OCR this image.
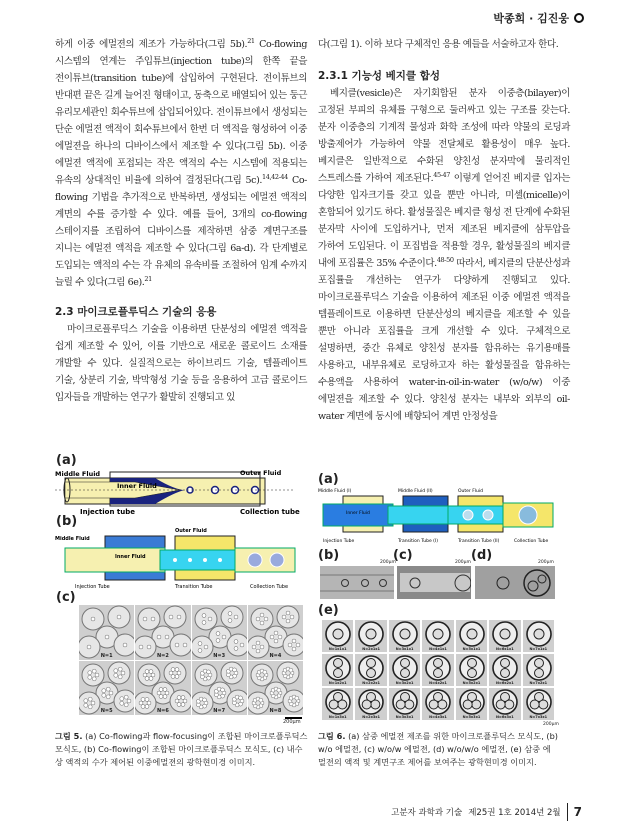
박종희 · 김진웅

하게 이중 에멀젼의 제조가 가능하다(그림 5b).$^{21}$ Co-flowing 시스템의 연계는 주입튜브(injection tube)의 한쪽 끝을 전이튜브(transition tube)에 삽입하여 구현된다. 전이튜브의 반대편 끝은 길게 늘어진 형태이고, 동축으로 배열되어 있는 둥근 유리모세관인 회수튜브에 삽입되어있다. 전이튜브에서 생성되는 단순 에멀젼 액적이 회수튜브에서 한번 더 액적을 형성하여 이중 에멀젼을 하나의 디바이스에서 제조할 수 있다(그림 5b). 이중 에멀젼 액적에 포접되는 작은 액적의 수는 시스템에 적용되는 유속의 상대적인 비율에 의하여 결정된다(그림 5c).$^{14,42-44}$ Co-flowing 기법을 추가적으로 반복하면, 생성되는 에멀젼 액적의 계면의 수를 증가할 수 있다. 예를 들어, 3개의 co-flowing 스테이지를 조립하여 디바이스를 제작하면 삼중 계면구조를 지니는 에멀젼 액적을 제조할 수 있다(그림 6a-d). 각 단계별로 도입되는 액적의 수는 각 유체의 유속비를 조절하여 임계 수까지 늘릴 수 있다(그림 6e).$^{21}$

2.3 마이크로플루딕스 기술의 응용

마이크로플루딕스 기술을 이용하면 단분성의 에멀젼 액적을 쉽게 제조할 수 있어, 이를 기반으로 새로운 콜로이드 소재를 개발할 수 있다. 실질적으로는 하이브리드 기술, 템플레이트 기술, 상분리 기술, 박막형성 기술 등을 응용하여 고급 콜로이드 입자들을 개발하는 연구가 활발히 진행되고 있

(a)
Middle Fluid	Outer Fluid
Inner Fluid
Injection tube	Collection tube
(b)
Middle Fluid
Outer Fluid
Inner Fluid
Injection Tube	Transition Tube	Collection Tube
(c)
N=1	N=2	N=3	N=4
N=5	N=6	N=7	N=8
200μm
그림 5. (a) Co-flowing과 flow-focusing이 조합된 마이크로플루딕스 모식도, (b) Co-flowing이 조합된 마이크로플루딕스 모식도, (c) 내수상 액적의 수가 제어된 이중에멀젼의 광학현미경 이미지.

다(그림 1). 이하 보다 구체적인 응용 예들을 서술하고자 한다.

2.3.1 기능성 베지클 합성

베지클(vesicle)은 자기회합된 분자 이중층(bilayer)이 고정된 부피의 유체를 구형으로 둘러싸고 있는 구조를 갖는다. 분자 이중층의 기계적 물성과 화학 조성에 따라 약물의 로딩과 방출제어가 가능하여 약물 전달체로 활용성이 매우 높다. 베지클은 일반적으로 수화된 양친성 분자막에 물리적인 스트레스를 가하여 제조된다.$^{45-47}$ 이렇게 얻어진 베지클 입자는 다양한 입자크기를 갖고 있을 뿐만 아니라, 미셀(micelle)이 혼합되어 있기도 하다. 활성물질은 베지클 형성 전 단계에 수화된 분자막 사이에 도입하거나, 먼저 제조된 베지클에 삼투압을 가하여 도입된다. 이 포집법을 적용할 경우, 활성물질의 베지클 내에 포집률은 35% 수준이다.$^{48-50}$ 따라서, 베지클의 단분산성과 포집률을 개선하는 연구가 다양하게 진행되고 있다. 마이크로플루딕스 기술을 이용하여 제조된 이중 에멀젼 액적을 템플레이트로 이용하면 단분산성의 베지클을 제조할 수 있을 뿐만 아니라 포집률을 크게 개선할 수 있다. 구체적으로 설명하면, 중간 유체로 양친성 분자를 함유하는 유기용매를 사용하고, 내부유체로 로딩하고자 하는 활성물질을 함유하는 수용액을 사용하여 water-in-oil-in-water (w/o/w) 이중 에멀젼을 제조할 수 있다. 양친성 분자는 내부와 외부의 oil-water 계면에 동시에 배향되어 계면 안정성을

(a)
Middle Fluid (I)	Middle Fluid (II)	Outer Fluid
Inner Fluid
Injection Tube	Transition Tube (I)	Transition Tube (II)	Collection Tube
(b)	(c)	(d)
200μm	200μm	200μm
(e)
N=1x1x1	N=2x1x1	N=3x1x1	N=4x1x1	N=5x1x1	N=6x1x1	N=7x1x1
N=1x2x1	N=2x2x1	N=3x2x1	N=4x2x1	N=5x2x1	N=6x2x1	N=7x2x1
N=1x3x1	N=2x3x1	N=3x3x1	N=4x3x1	N=5x3x1	N=6x3x1	N=7x3x1
200μm
그림 6. (a) 삼중 에멀젼 제조를 위한 마이크로플루딕스 모식도, (b) w/o 에멀젼, (c) w/o/w 에멀젼, (d) w/o/w/o 에멀젼, (e) 삼중 에멀젼의 액적 및 계면구조 제어를 보여주는 광학현미경 이미지.
고분자 과학과 기술 제25권 1호 2014년 2월 7
